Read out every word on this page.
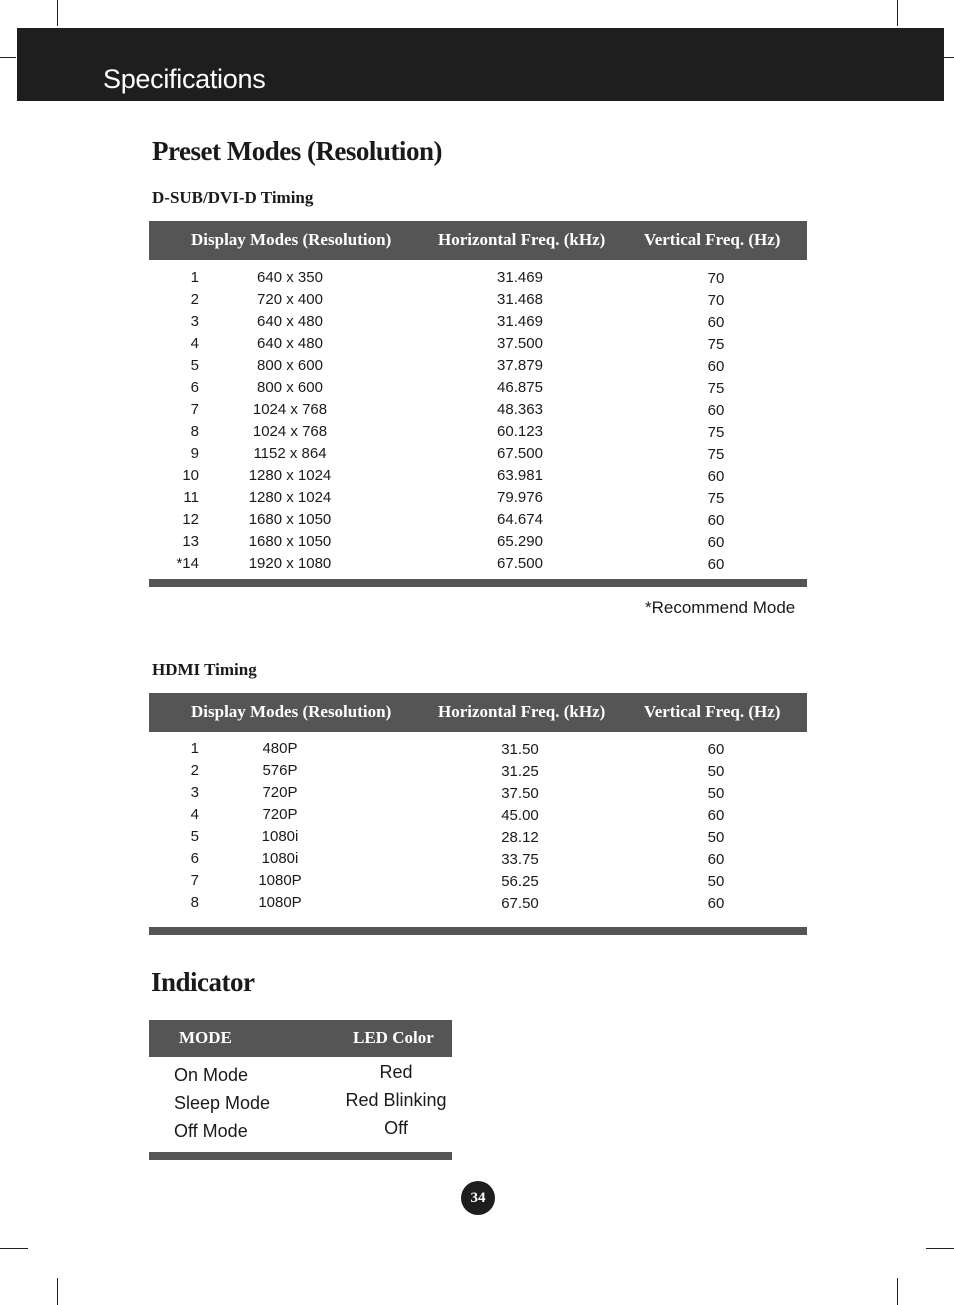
Specifications
Preset Modes (Resolution)
D-SUB/DVI-D Timing
Display Modes (Resolution)	Horizontal Freq. (kHz) Vertical Freq. (Hz)
1	640 x 350	31.469	70
2	720 x 400	31.468	70
3	640 x 480	31.469	60
4	640 x 480	37.500	75
5	800 x 600	37.879	60
6	800 x 600	46.875	75
7	1024 x 768	48.363	60
8	1024 x 768	60.123	75
9	1152 x 864	67.500	75
10	1280 x 1024	63.981	60
11	1280 x 1024	79.976	75
12	1680 x 1050	64.674	60
13	1680 x 1050	65.290	60
*14	1920 x 1080	67.500	60
*Recommend Mode
HDMI Timing
Display Modes (Resolution)	Horizontal Freq. (kHz) Vertical Freq. (Hz)
1	480P	31.50	60
2	576P	31.25	50
3	720P	37.50	50
4	720P	45.00	60
5	1080i	28.12	50
6	1080i	33.75	60
7	1080P	56.25	50
8	1080P	67.50	60
Indicator
MODE	LED Color
On Mode	Red
Sleep Mode	Red Blinking
Off Mode	Off
34
